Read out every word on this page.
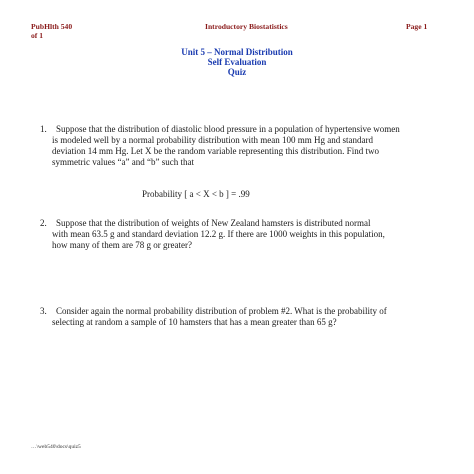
PubHlth 540	Introductory Biostatistics	Page 1
of 1
Unit 5 – Normal Distribution
Self Evaluation
Quiz
1. Suppose that the distribution of diastolic blood pressure in a population of hypertensive women
is modeled well by a normal probability distribution with mean 100 mm Hg and standard
deviation 14 mm Hg. Let X be the random variable representing this distribution. Find two
symmetric values “a” and “b” such that
Probability [ a < X < b ] = .99
2. Suppose that the distribution of weights of New Zealand hamsters is distributed normal
with mean 63.5 g and standard deviation 12.2 g. If there are 1000 weights in this population,
how many of them are 78 g or greater?
3. Consider again the normal probability distribution of problem #2. What is the probability of
selecting at random a sample of 10 hamsters that has a mean greater than 65 g?
…\web540\docs\quiz5
